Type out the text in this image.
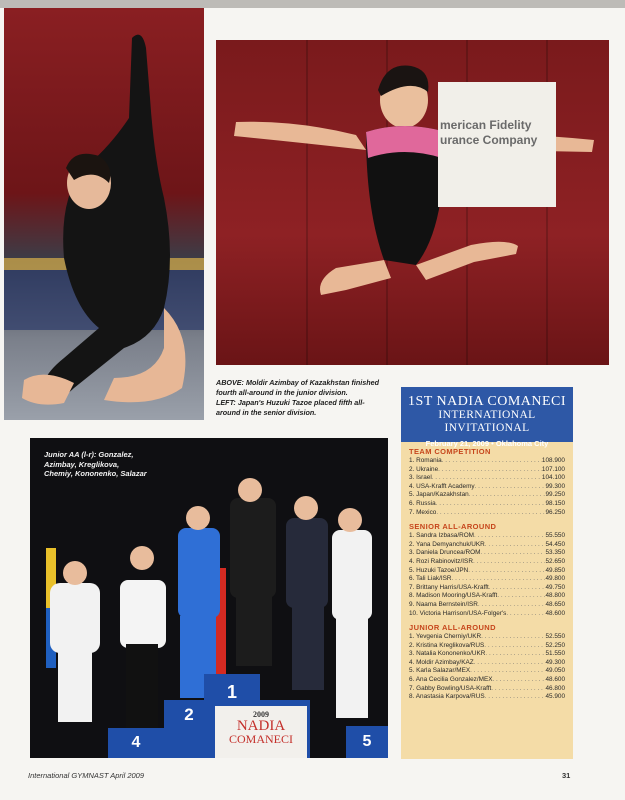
merican Fidelity
urance Company
ABOVE: Moldir Azimbay of Kazakhstan finished
fourth all-around in the junior division.
LEFT: Japan's Huzuki Tazoe placed fifth all-
around in the senior division.
1
2
4	5
Junior AA (l-r): Gonzalez,
Azimbay, Kreglikova,
Chemiy, Kononenko, Salazar
2009
NADIA
COMANECI
1ST NADIA COMANECI
INTERNATIONAL INVITATIONAL
February 21, 2009 • Oklahoma City
TEAM COMPETITION
1. Romania . . .	108.900
2. Ukraine . . .	107.100
3. Israel . . .	104.100
4. USA-Krafft Academy . . .	99.300
5. Japan/Kazakhstan . . .	99.250
6. Russia . . .	98.150
7. Mexico . . .	96.250
SENIOR ALL-AROUND
1. Sandra Izbasa/ROM . . .	55.550
2. Yana Demyanchuk/UKR . . .	54.450
3. Daniela Druncea/ROM . . .	53.350
4. Rozi Rabinovitz/ISR . . .	52.650
5. Huzuki Tazoe/JPN . . .	49.850
6. Tali Liak/ISR . . .	49.800
7. Brittany Harris/USA-Krafft . . .	49.750
8. Madison Mooring/USA-Krafft . . .	48.800
9. Naama Bernstein/ISR . . .	48.650
10. Victoria Harrison/USA-Folger's . . .	48.600
JUNIOR ALL-AROUND
1. Yevgenia Cherniy/UKR . . .	52.550
2. Kristina Kreglikova/RUS . . .	52.250
3. Natalia Kononenko/UKR . . .	51.550
4. Moldir Azimbay/KAZ . . .	49.300
5. Karla Salazar/MEX . . .	49.050
6. Ana Cecilia Gonzalez/MEX . . .	48.600
7. Gabby Bowling/USA-Krafft . . .	46.800
8. Anastasia Karpova/RUS . . .	45.900
International GYMNAST April 2009	31
